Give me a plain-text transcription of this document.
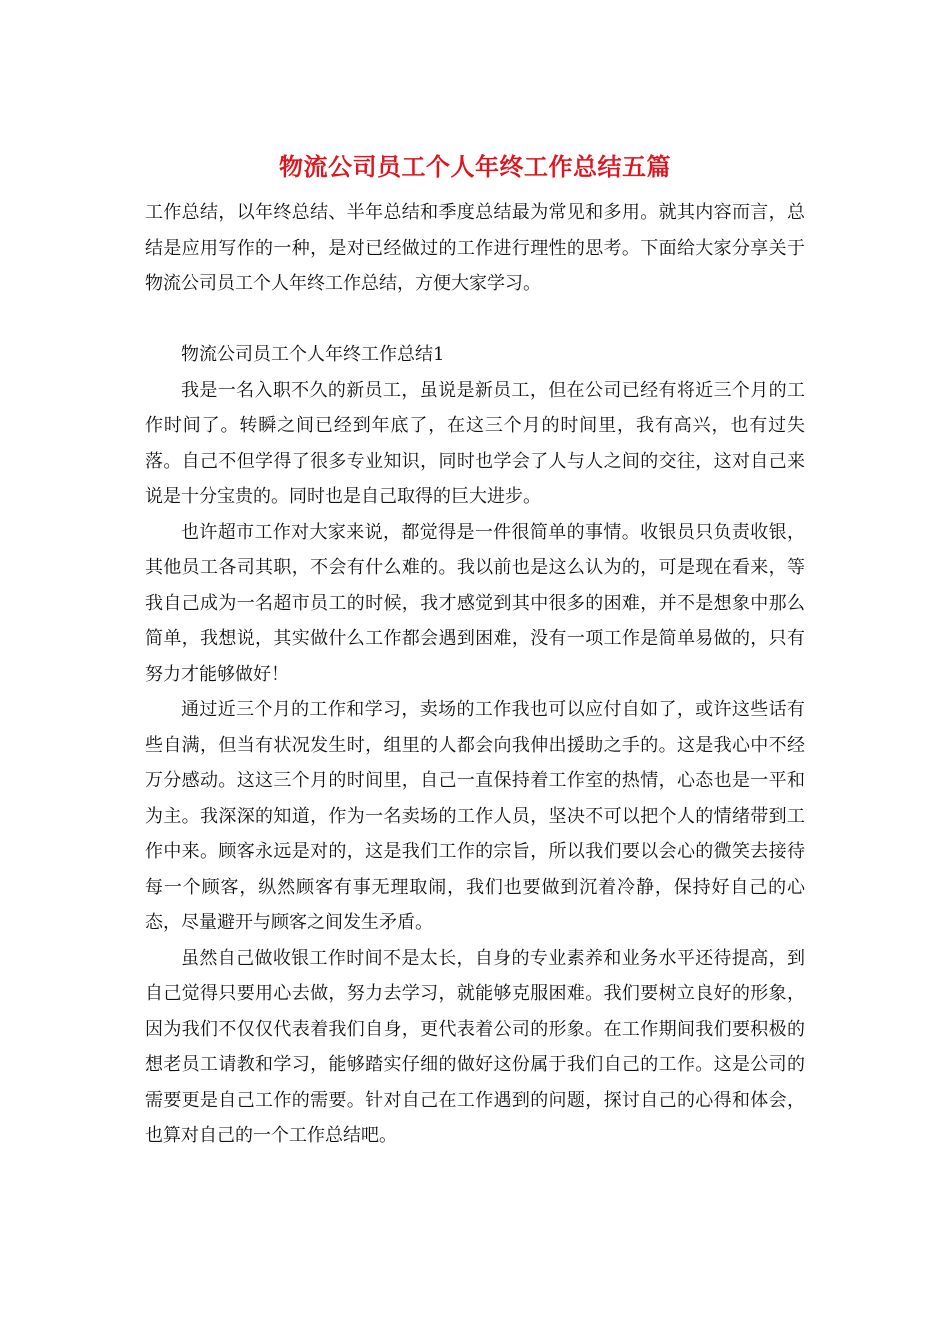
物流公司员工个人年终工作总结五篇

工作总结，以年终总结、半年总结和季度总结最为常见和多用。就其内容而言，总结是应用写作的一种，是对已经做过的工作进行理性的思考。下面给大家分享关于物流公司员工个人年终工作总结，方便大家学习。

物流公司员工个人年终工作总结1

我是一名入职不久的新员工，虽说是新员工，但在公司已经有将近三个月的工作时间了。转瞬之间已经到年底了，在这三个月的时间里，我有高兴，也有过失落。自己不但学得了很多专业知识，同时也学会了人与人之间的交往，这对自己来说是十分宝贵的。同时也是自己取得的巨大进步。

也许超市工作对大家来说，都觉得是一件很简单的事情。收银员只负责收银，其他员工各司其职，不会有什么难的。我以前也是这么认为的，可是现在看来，等我自己成为一名超市员工的时候，我才感觉到其中很多的困难，并不是想象中那么简单，我想说，其实做什么工作都会遇到困难，没有一项工作是简单易做的，只有努力才能够做好！

通过近三个月的工作和学习，卖场的工作我也可以应付自如了，或许这些话有些自满，但当有状况发生时，组里的人都会向我伸出援助之手的。这是我心中不经万分感动。这这三个月的时间里，自己一直保持着工作室的热情，心态也是一平和为主。我深深的知道，作为一名卖场的工作人员，坚决不可以把个人的情绪带到工作中来。顾客永远是对的，这是我们工作的宗旨，所以我们要以会心的微笑去接待每一个顾客，纵然顾客有事无理取闹，我们也要做到沉着冷静，保持好自己的心态，尽量避开与顾客之间发生矛盾。

虽然自己做收银工作时间不是太长，自身的专业素养和业务水平还待提高，到自己觉得只要用心去做，努力去学习，就能够克服困难。我们要树立良好的形象，因为我们不仅仅代表着我们自身，更代表着公司的形象。在工作期间我们要积极的想老员工请教和学习，能够踏实仔细的做好这份属于我们自己的工作。这是公司的需要更是自己工作的需要。针对自己在工作遇到的问题，探讨自己的心得和体会，也算对自己的一个工作总结吧。
